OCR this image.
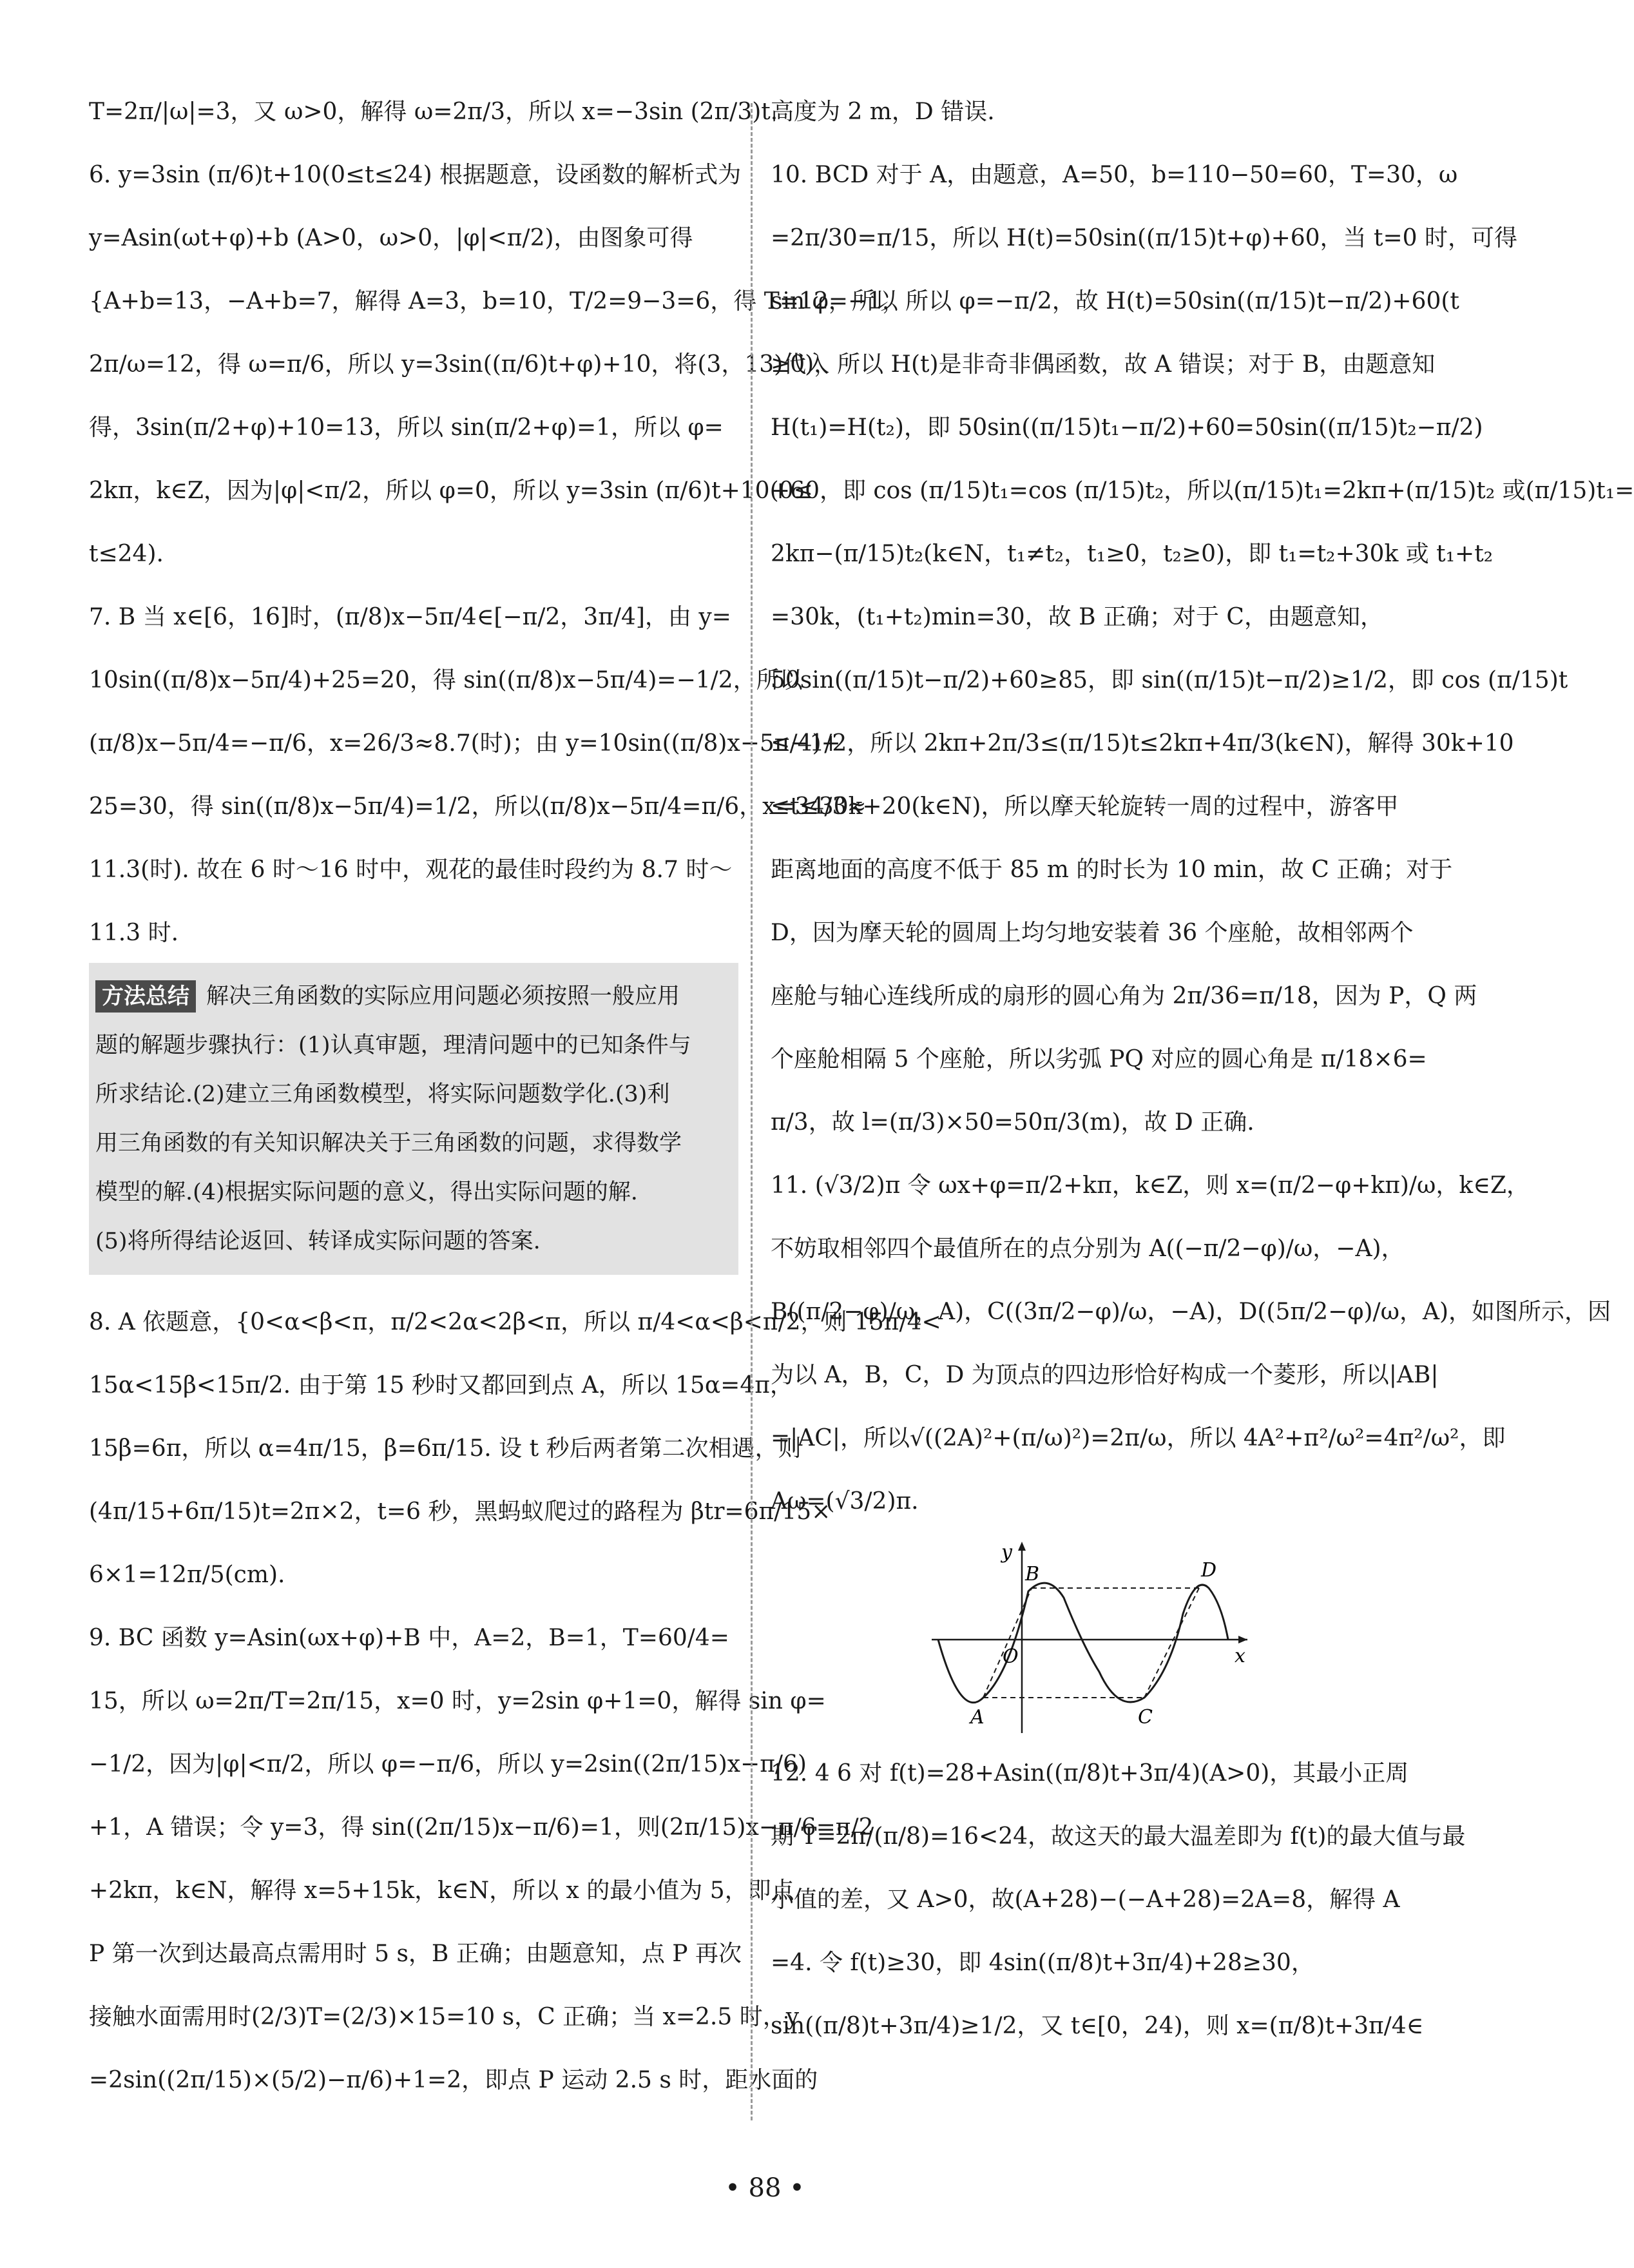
T=2π/|ω|=3，又 ω>0，解得 ω=2π/3，所以 x=−3sin (2π/3)t.

6. y=3sin (π/6)t+10(0≤t≤24) 根据题意，设函数的解析式为

y=Asin(ωt+φ)+b (A>0，ω>0，|φ|<π/2)，由图象可得

{A+b=13，−A+b=7，解得 A=3，b=10，T/2=9−3=6，得 T=12，所以

2π/ω=12，得 ω=π/6，所以 y=3sin((π/6)t+φ)+10，将(3，13)代入

得，3sin(π/2+φ)+10=13，所以 sin(π/2+φ)=1，所以 φ=

2kπ，k∈Z，因为|φ|<π/2，所以 φ=0，所以 y=3sin (π/6)t+10(0≤

t≤24).

7. B 当 x∈[6，16]时，(π/8)x−5π/4∈[−π/2，3π/4]，由 y=

10sin((π/8)x−5π/4)+25=20，得 sin((π/8)x−5π/4)=−1/2，所以

(π/8)x−5π/4=−π/6，x=26/3≈8.7(时)；由 y=10sin((π/8)x−5π/4)+

25=30，得 sin((π/8)x−5π/4)=1/2，所以(π/8)x−5π/4=π/6，x=34/3≈

11.3(时). 故在 6 时～16 时中，观花的最佳时段约为 8.7 时～

11.3 时.

方法总结 解决三角函数的实际应用问题必须按照一般应用

题的解题步骤执行：(1)认真审题，理清问题中的已知条件与

所求结论.(2)建立三角函数模型，将实际问题数学化.(3)利

用三角函数的有关知识解决关于三角函数的问题，求得数学

模型的解.(4)根据实际问题的意义，得出实际问题的解.

(5)将所得结论返回、转译成实际问题的答案.

8. A 依题意，{0<α<β<π，π/2<2α<2β<π，所以 π/4<α<β<π/2，则 15π/4<

15α<15β<15π/2. 由于第 15 秒时又都回到点 A，所以 15α=4π，

15β=6π，所以 α=4π/15，β=6π/15. 设 t 秒后两者第二次相遇，则

(4π/15+6π/15)t=2π×2，t=6 秒，黑蚂蚁爬过的路程为 βtr=6π/15×

6×1=12π/5(cm).

9. BC 函数 y=Asin(ωx+φ)+B 中，A=2，B=1，T=60/4=

15，所以 ω=2π/T=2π/15，x=0 时，y=2sin φ+1=0，解得 sin φ=

−1/2，因为|φ|<π/2，所以 φ=−π/6，所以 y=2sin((2π/15)x−π/6)

+1，A 错误；令 y=3，得 sin((2π/15)x−π/6)=1，则(2π/15)x−π/6=π/2

+2kπ，k∈N，解得 x=5+15k，k∈N，所以 x 的最小值为 5，即点

P 第一次到达最高点需用时 5 s，B 正确；由题意知，点 P 再次

接触水面需用时(2/3)T=(2/3)×15=10 s，C 正确；当 x=2.5 时，y

=2sin((2π/15)×(5/2)−π/6)+1=2，即点 P 运动 2.5 s 时，距水面的

高度为 2 m，D 错误.

10. BCD 对于 A，由题意，A=50，b=110−50=60，T=30，ω

=2π/30=π/15，所以 H(t)=50sin((π/15)t+φ)+60，当 t=0 时，可得

sin φ=−1，所以 φ=−π/2，故 H(t)=50sin((π/15)t−π/2)+60(t

≥0)，所以 H(t)是非奇非偶函数，故 A 错误；对于 B，由题意知

H(t₁)=H(t₂)，即 50sin((π/15)t₁−π/2)+60=50sin((π/15)t₂−π/2)

+60，即 cos (π/15)t₁=cos (π/15)t₂，所以(π/15)t₁=2kπ+(π/15)t₂ 或(π/15)t₁=

2kπ−(π/15)t₂(k∈N，t₁≠t₂，t₁≥0，t₂≥0)，即 t₁=t₂+30k 或 t₁+t₂

=30k，(t₁+t₂)min=30，故 B 正确；对于 C，由题意知，

50sin((π/15)t−π/2)+60≥85，即 sin((π/15)t−π/2)≥1/2，即 cos (π/15)t

≤−1/2，所以 2kπ+2π/3≤(π/15)t≤2kπ+4π/3(k∈N)，解得 30k+10

≤t≤30k+20(k∈N)，所以摩天轮旋转一周的过程中，游客甲

距离地面的高度不低于 85 m 的时长为 10 min，故 C 正确；对于

D，因为摩天轮的圆周上均匀地安装着 36 个座舱，故相邻两个

座舱与轴心连线所成的扇形的圆心角为 2π/36=π/18，因为 P，Q 两

个座舱相隔 5 个座舱，所以劣弧 PQ 对应的圆心角是 π/18×6=

π/3，故 l=(π/3)×50=50π/3(m)，故 D 正确.

11. (√3/2)π 令 ωx+φ=π/2+kπ，k∈Z，则 x=(π/2−φ+kπ)/ω，k∈Z，

不妨取相邻四个最值所在的点分别为 A((−π/2−φ)/ω，−A)，

B((π/2−φ)/ω，A)，C((3π/2−φ)/ω，−A)，D((5π/2−φ)/ω，A)，如图所示，因

为以 A，B，C，D 为顶点的四边形恰好构成一个菱形，所以|AB|

=|AC|，所以√((2A)²+(π/ω)²)=2π/ω，所以 4A²+π²/ω²=4π²/ω²，即

Aω=(√3/2)π.

y
x
O
A
B
C
D

12. 4 6 对 f(t)=28+Asin((π/8)t+3π/4)(A>0)，其最小正周

期 T=2π/(π/8)=16<24，故这天的最大温差即为 f(t)的最大值与最

小值的差，又 A>0，故(A+28)−(−A+28)=2A=8，解得 A

=4. 令 f(t)≥30，即 4sin((π/8)t+3π/4)+28≥30，

sin((π/8)t+3π/4)≥1/2，又 t∈[0，24)，则 x=(π/8)t+3π/4∈

• 88 •
